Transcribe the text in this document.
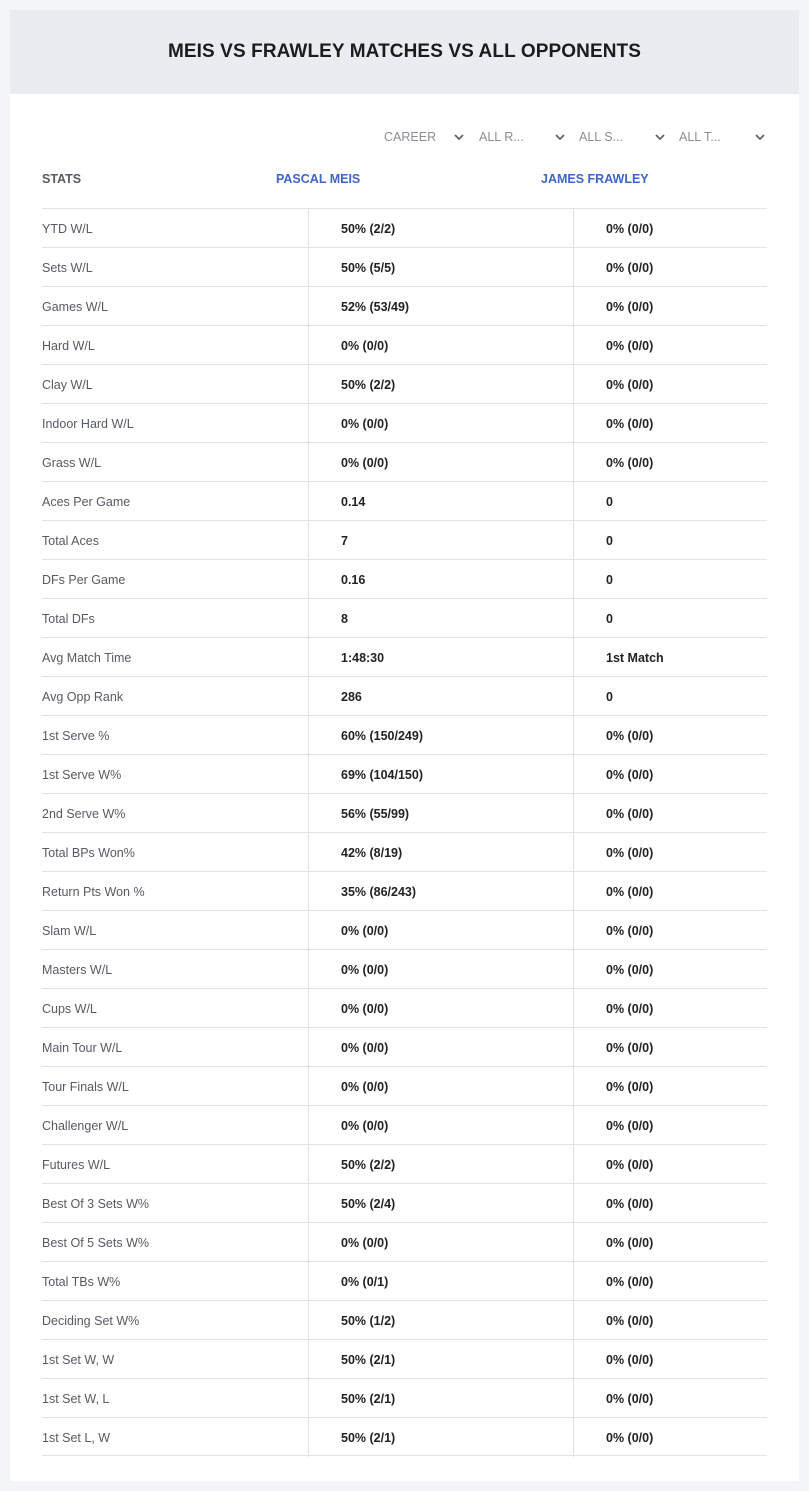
MEIS VS FRAWLEY MATCHES VS ALL OPPONENTS
CAREER	ALL R...	ALL S...	ALL T...
STATS	PASCAL MEIS	JAMES FRAWLEY
YTD W/L	50% (2/2)	0% (0/0)
Sets W/L	50% (5/5)	0% (0/0)
Games W/L	52% (53/49)	0% (0/0)
Hard W/L	0% (0/0)	0% (0/0)
Clay W/L	50% (2/2)	0% (0/0)
Indoor Hard W/L	0% (0/0)	0% (0/0)
Grass W/L	0% (0/0)	0% (0/0)
Aces Per Game	0.14	0
Total Aces	7	0
DFs Per Game	0.16	0
Total DFs	8	0
Avg Match Time	1:48:30	1st Match
Avg Opp Rank	286	0
1st Serve %	60% (150/249)	0% (0/0)
1st Serve W%	69% (104/150)	0% (0/0)
2nd Serve W%	56% (55/99)	0% (0/0)
Total BPs Won%	42% (8/19)	0% (0/0)
Return Pts Won %	35% (86/243)	0% (0/0)
Slam W/L	0% (0/0)	0% (0/0)
Masters W/L	0% (0/0)	0% (0/0)
Cups W/L	0% (0/0)	0% (0/0)
Main Tour W/L	0% (0/0)	0% (0/0)
Tour Finals W/L	0% (0/0)	0% (0/0)
Challenger W/L	0% (0/0)	0% (0/0)
Futures W/L	50% (2/2)	0% (0/0)
Best Of 3 Sets W%	50% (2/4)	0% (0/0)
Best Of 5 Sets W%	0% (0/0)	0% (0/0)
Total TBs W%	0% (0/1)	0% (0/0)
Deciding Set W%	50% (1/2)	0% (0/0)
1st Set W, W	50% (2/1)	0% (0/0)
1st Set W, L	50% (2/1)	0% (0/0)
1st Set L, W	50% (2/1)	0% (0/0)
